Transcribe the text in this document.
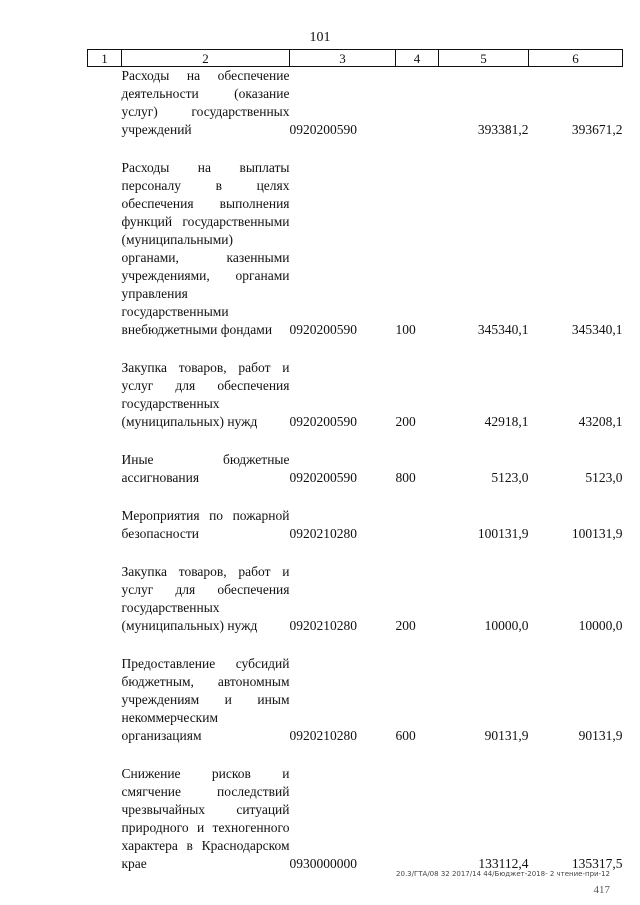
101
1	2	3	4	5	6
	Расходы на обеспечение деятельности (оказание услуг) государственных учреждений	0920200590		393381,2	393671,2

	Расходы на выплаты персоналу в целях обеспечения выполнения функций государственными (муниципальными) органами, казенными учреждениями, органами управления государственными внебюджетными фондами	0920200590	100	345340,1	345340,1

	Закупка товаров, работ и услуг для обеспечения государственных (муниципальных) нужд	0920200590	200	42918,1	43208,1

	Иные бюджетные ассигнования	0920200590	800	5123,0	5123,0

	Мероприятия по пожарной безопасности	0920210280		100131,9	100131,9

	Закупка товаров, работ и услуг для обеспечения государственных (муниципальных) нужд	0920210280	200	10000,0	10000,0

	Предоставление субсидий бюджетным, автономным учреждениям и иным некоммерческим организациям	0920210280	600	90131,9	90131,9

	Снижение рисков и смягчение последствий чрезвычайных ситуаций природного и техногенного характера в Краснодарском крае	0930000000		133112,4	135317,5
20.3/ГТА/08 32 2017/14 44/Бюджет-2018- 2 чтение-при-12
417
